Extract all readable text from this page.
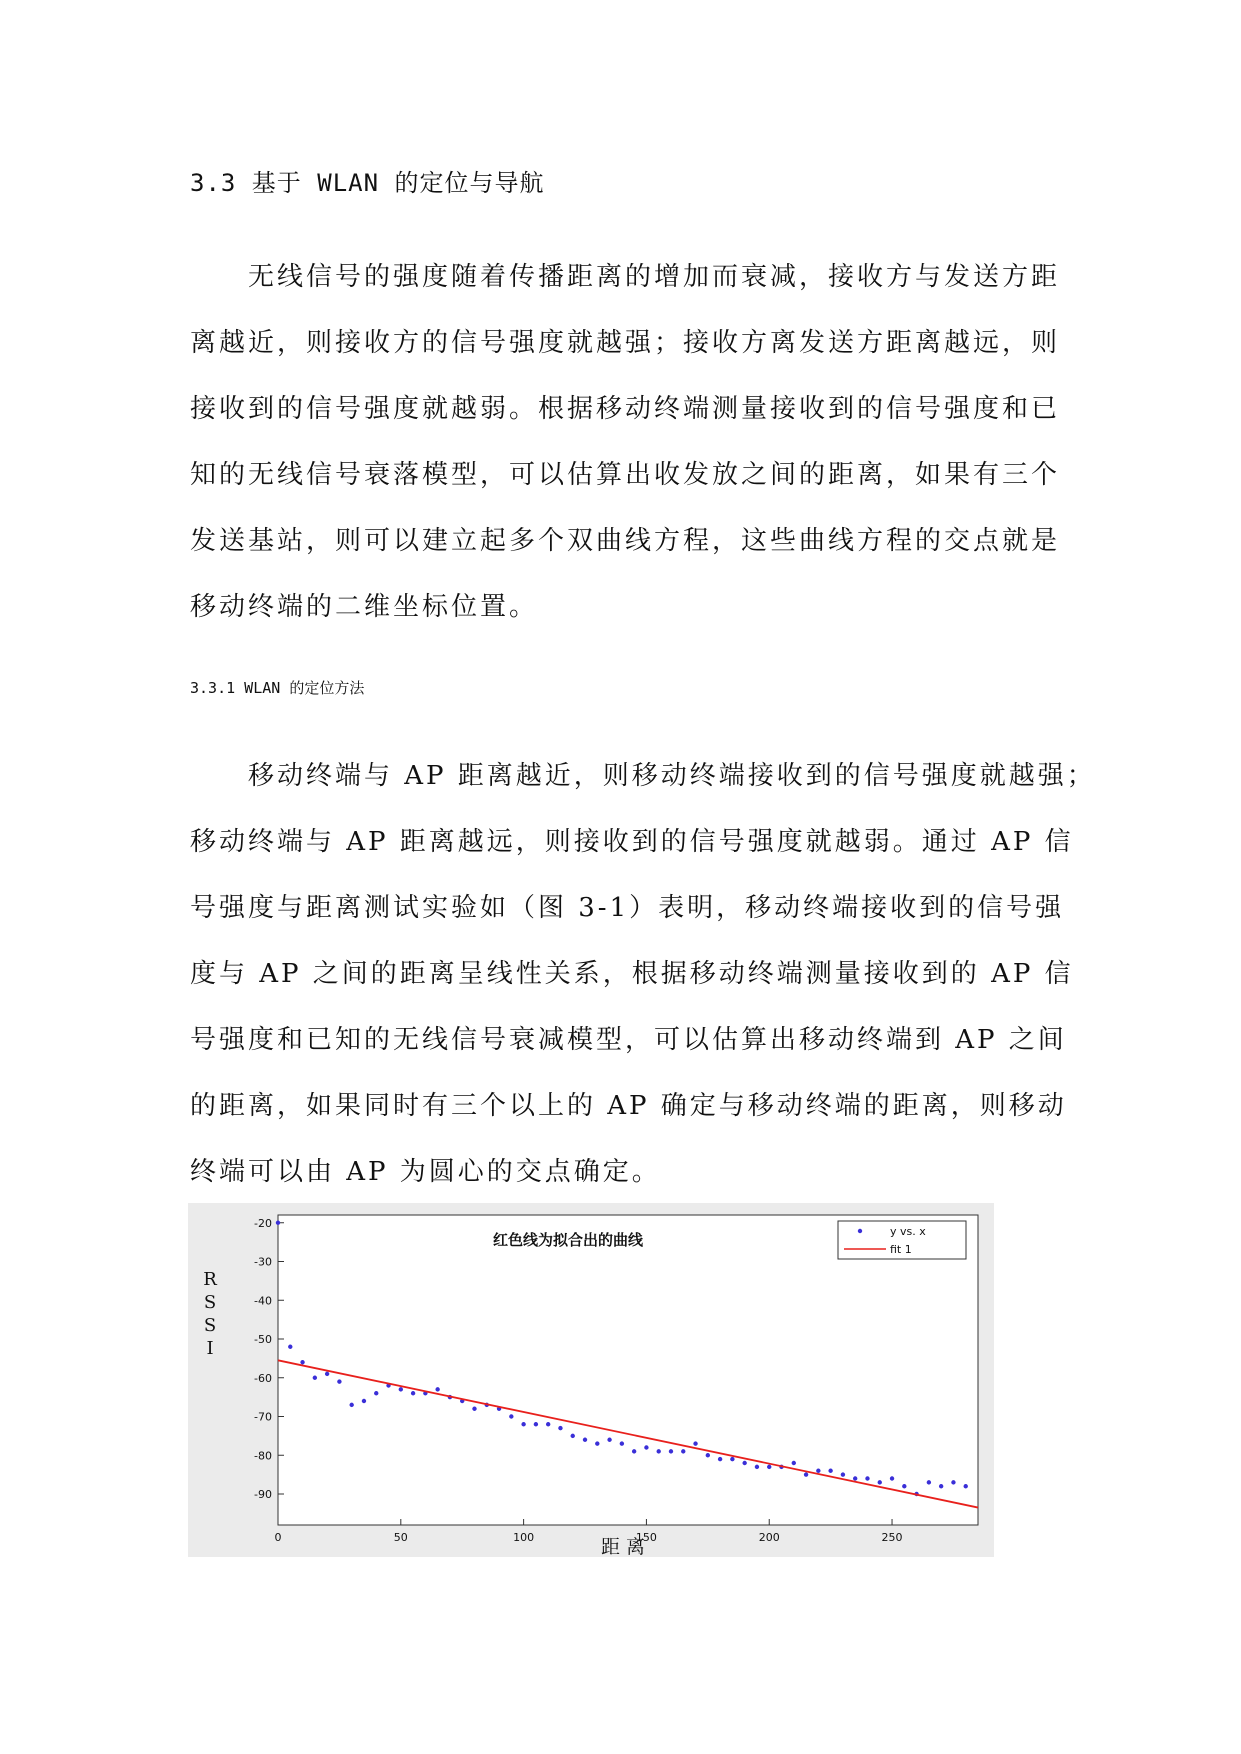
3.3 基于 WLAN 的定位与导航

无线信号的强度随着传播距离的增加而衰减，接收方与发送方距
离越近，则接收方的信号强度就越强；接收方离发送方距离越远，则
接收到的信号强度就越弱。根据移动终端测量接收到的信号强度和已
知的无线信号衰落模型，可以估算出收发放之间的距离，如果有三个
发送基站，则可以建立起多个双曲线方程，这些曲线方程的交点就是
移动终端的二维坐标位置。

3.3.1 WLAN 的定位方法

移动终端与 AP 距离越近，则移动终端接收到的信号强度就越强；
移动终端与 AP 距离越远，则接收到的信号强度就越弱。通过 AP 信
号强度与距离测试实验如（图 3-1）表明，移动终端接收到的信号强
度与 AP 之间的距离呈线性关系，根据移动终端测量接收到的 AP 信
号强度和已知的无线信号衰减模型，可以估算出移动终端到 AP 之间
的距离，如果同时有三个以上的 AP 确定与移动终端的距离，则移动
终端可以由 AP 为圆心的交点确定。

-20
-30
-40
-50
-60
-70
-80
-90
0	50	100	150	200	250
红色线为拟合出的曲线
R
S
S
I
距 离
y vs. x
fit 1
